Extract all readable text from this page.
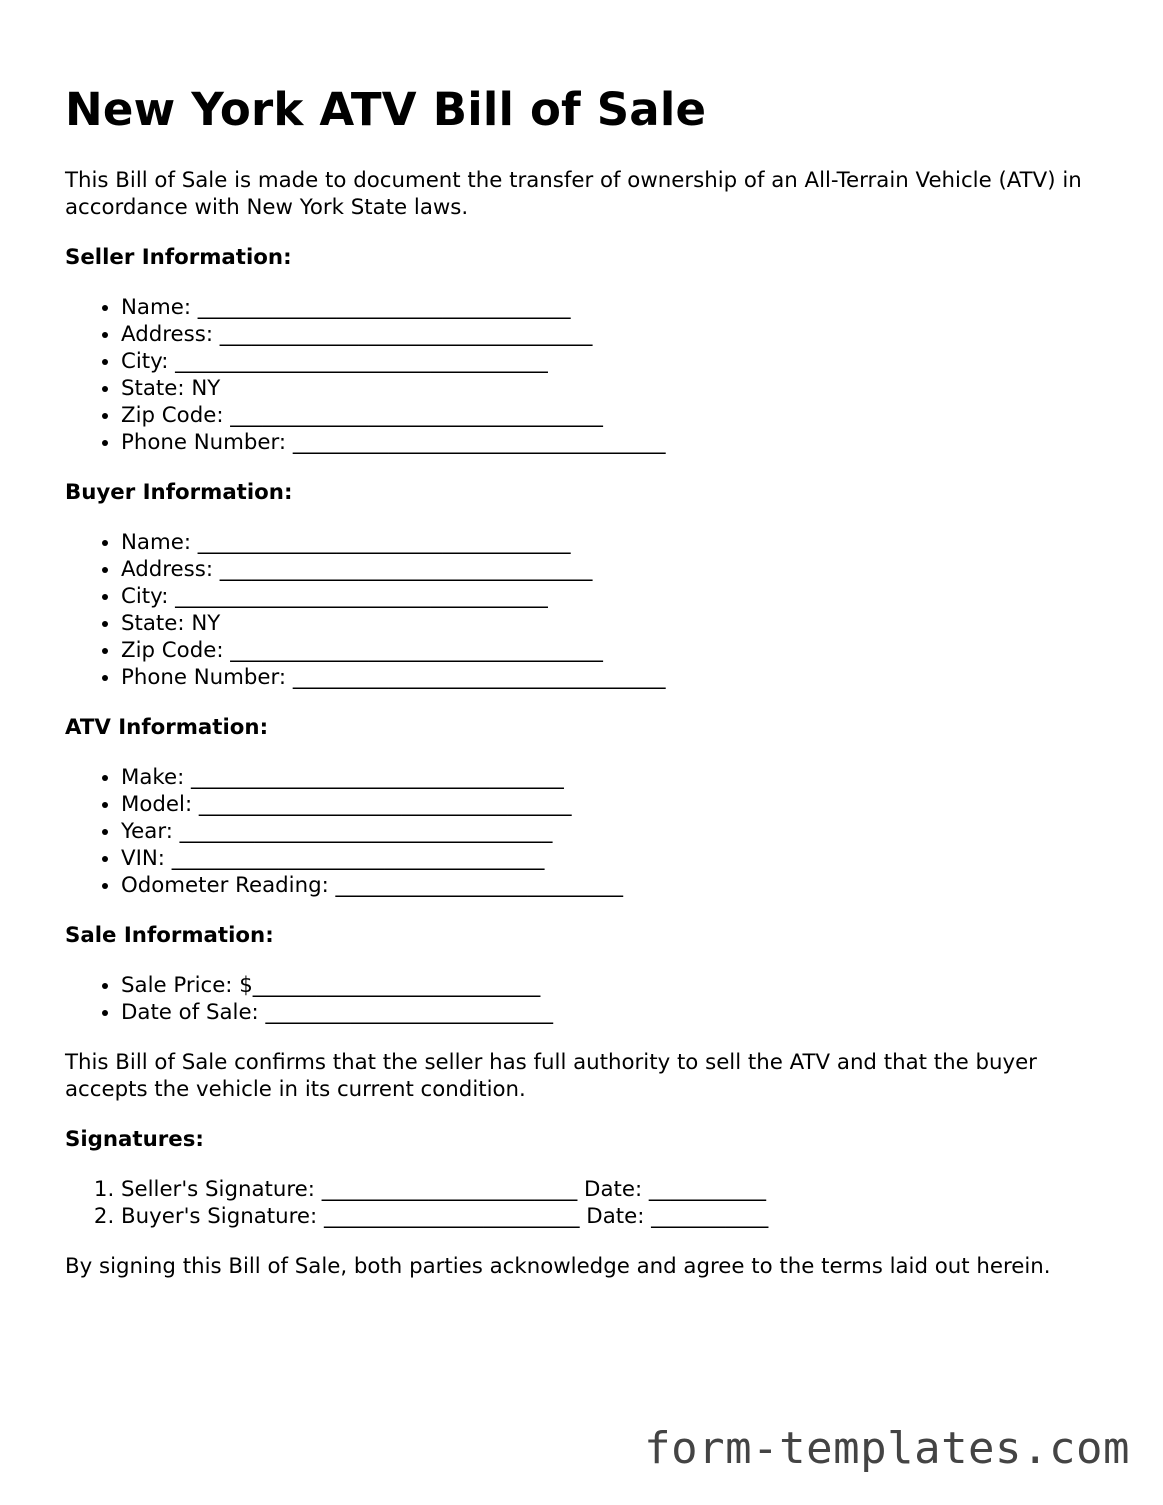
New York ATV Bill of Sale

This Bill of Sale is made to document the transfer of ownership of an All-Terrain Vehicle (ATV) in accordance with New York State laws.

Seller Information:

• Name: ___________________________________
• Address: ___________________________________
• City: ___________________________________
• State: NY
• Zip Code: ___________________________________
• Phone Number: ___________________________________

Buyer Information:

• Name: ___________________________________
• Address: ___________________________________
• City: ___________________________________
• State: NY
• Zip Code: ___________________________________
• Phone Number: ___________________________________

ATV Information:

• Make: ___________________________________
• Model: ___________________________________
• Year: ___________________________________
• VIN: ___________________________________
• Odometer Reading: ___________________________

Sale Information:

• Sale Price: $___________________________
• Date of Sale: ___________________________

This Bill of Sale confirms that the seller has full authority to sell the ATV and that the buyer accepts the vehicle in its current condition.

Signatures:

1. Seller's Signature: ________________________ Date: ___________
2. Buyer's Signature: ________________________ Date: ___________

By signing this Bill of Sale, both parties acknowledge and agree to the terms laid out herein.

form-templates.com
